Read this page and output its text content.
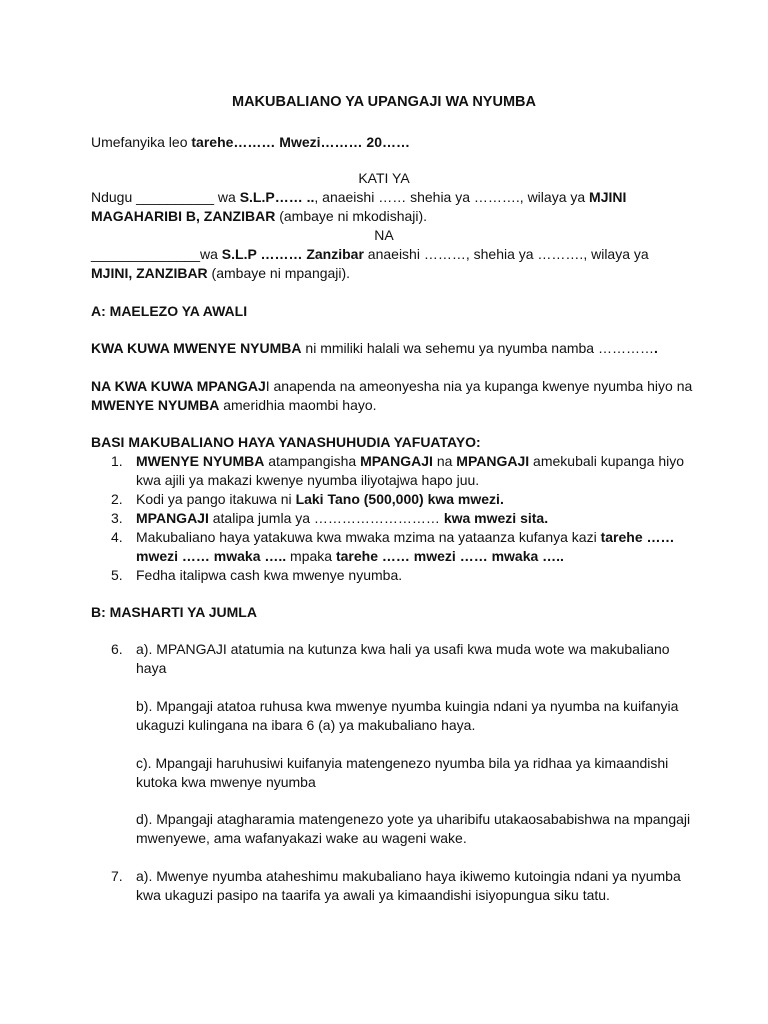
MAKUBALIANO YA UPANGAJI WA NYUMBA
Umefanyika leo tarehe……… Mwezi……… 20……
KATI YA
Ndugu __________ wa S.L.P…… .., anaeishi …… shehia ya ………., wilaya ya MJINI
MAGAHARIBI B, ZANZIBAR (ambaye ni mkodishaji).
NA
______________wa S.L.P ……… Zanzibar anaeishi ………, shehia ya ………., wilaya ya
MJINI, ZANZIBAR (ambaye ni mpangaji).
A: MAELEZO YA AWALI
KWA KUWA MWENYE NYUMBA ni mmiliki halali wa sehemu ya nyumba namba ………….
NA KWA KUWA MPANGAJI anapenda na ameonyesha nia ya kupanga kwenye nyumba hiyo na
MWENYE NYUMBA ameridhia maombi hayo.
BASI MAKUBALIANO HAYA YANASHUHUDIA YAFUATAYO:
1. MWENYE NYUMBA atampangisha MPANGAJI na MPANGAJI amekubali kupanga hiyo
kwa ajili ya makazi kwenye nyumba iliyotajwa hapo juu.
2. Kodi ya pango itakuwa ni Laki Tano (500,000) kwa mwezi.
3. MPANGAJI atalipa jumla ya ……………………… kwa mwezi sita.
4. Makubaliano haya yatakuwa kwa mwaka mzima na yataanza kufanya kazi tarehe ……
mwezi …… mwaka ….. mpaka tarehe …… mwezi …… mwaka …..
5. Fedha italipwa cash kwa mwenye nyumba.
B: MASHARTI YA JUMLA
6. a). MPANGAJI atatumia na kutunza kwa hali ya usafi kwa muda wote wa makubaliano
haya
b). Mpangaji atatoa ruhusa kwa mwenye nyumba kuingia ndani ya nyumba na kuifanyia
ukaguzi kulingana na ibara 6 (a) ya makubaliano haya.
c). Mpangaji haruhusiwi kuifanyia matengenezo nyumba bila ya ridhaa ya kimaandishi
kutoka kwa mwenye nyumba
d). Mpangaji atagharamia matengenezo yote ya uharibifu utakaosababishwa na mpangaji
mwenyewe, ama wafanyakazi wake au wageni wake.
7. a). Mwenye nyumba ataheshimu makubaliano haya ikiwemo kutoingia ndani ya nyumba
kwa ukaguzi pasipo na taarifa ya awali ya kimaandishi isiyopungua siku tatu.
